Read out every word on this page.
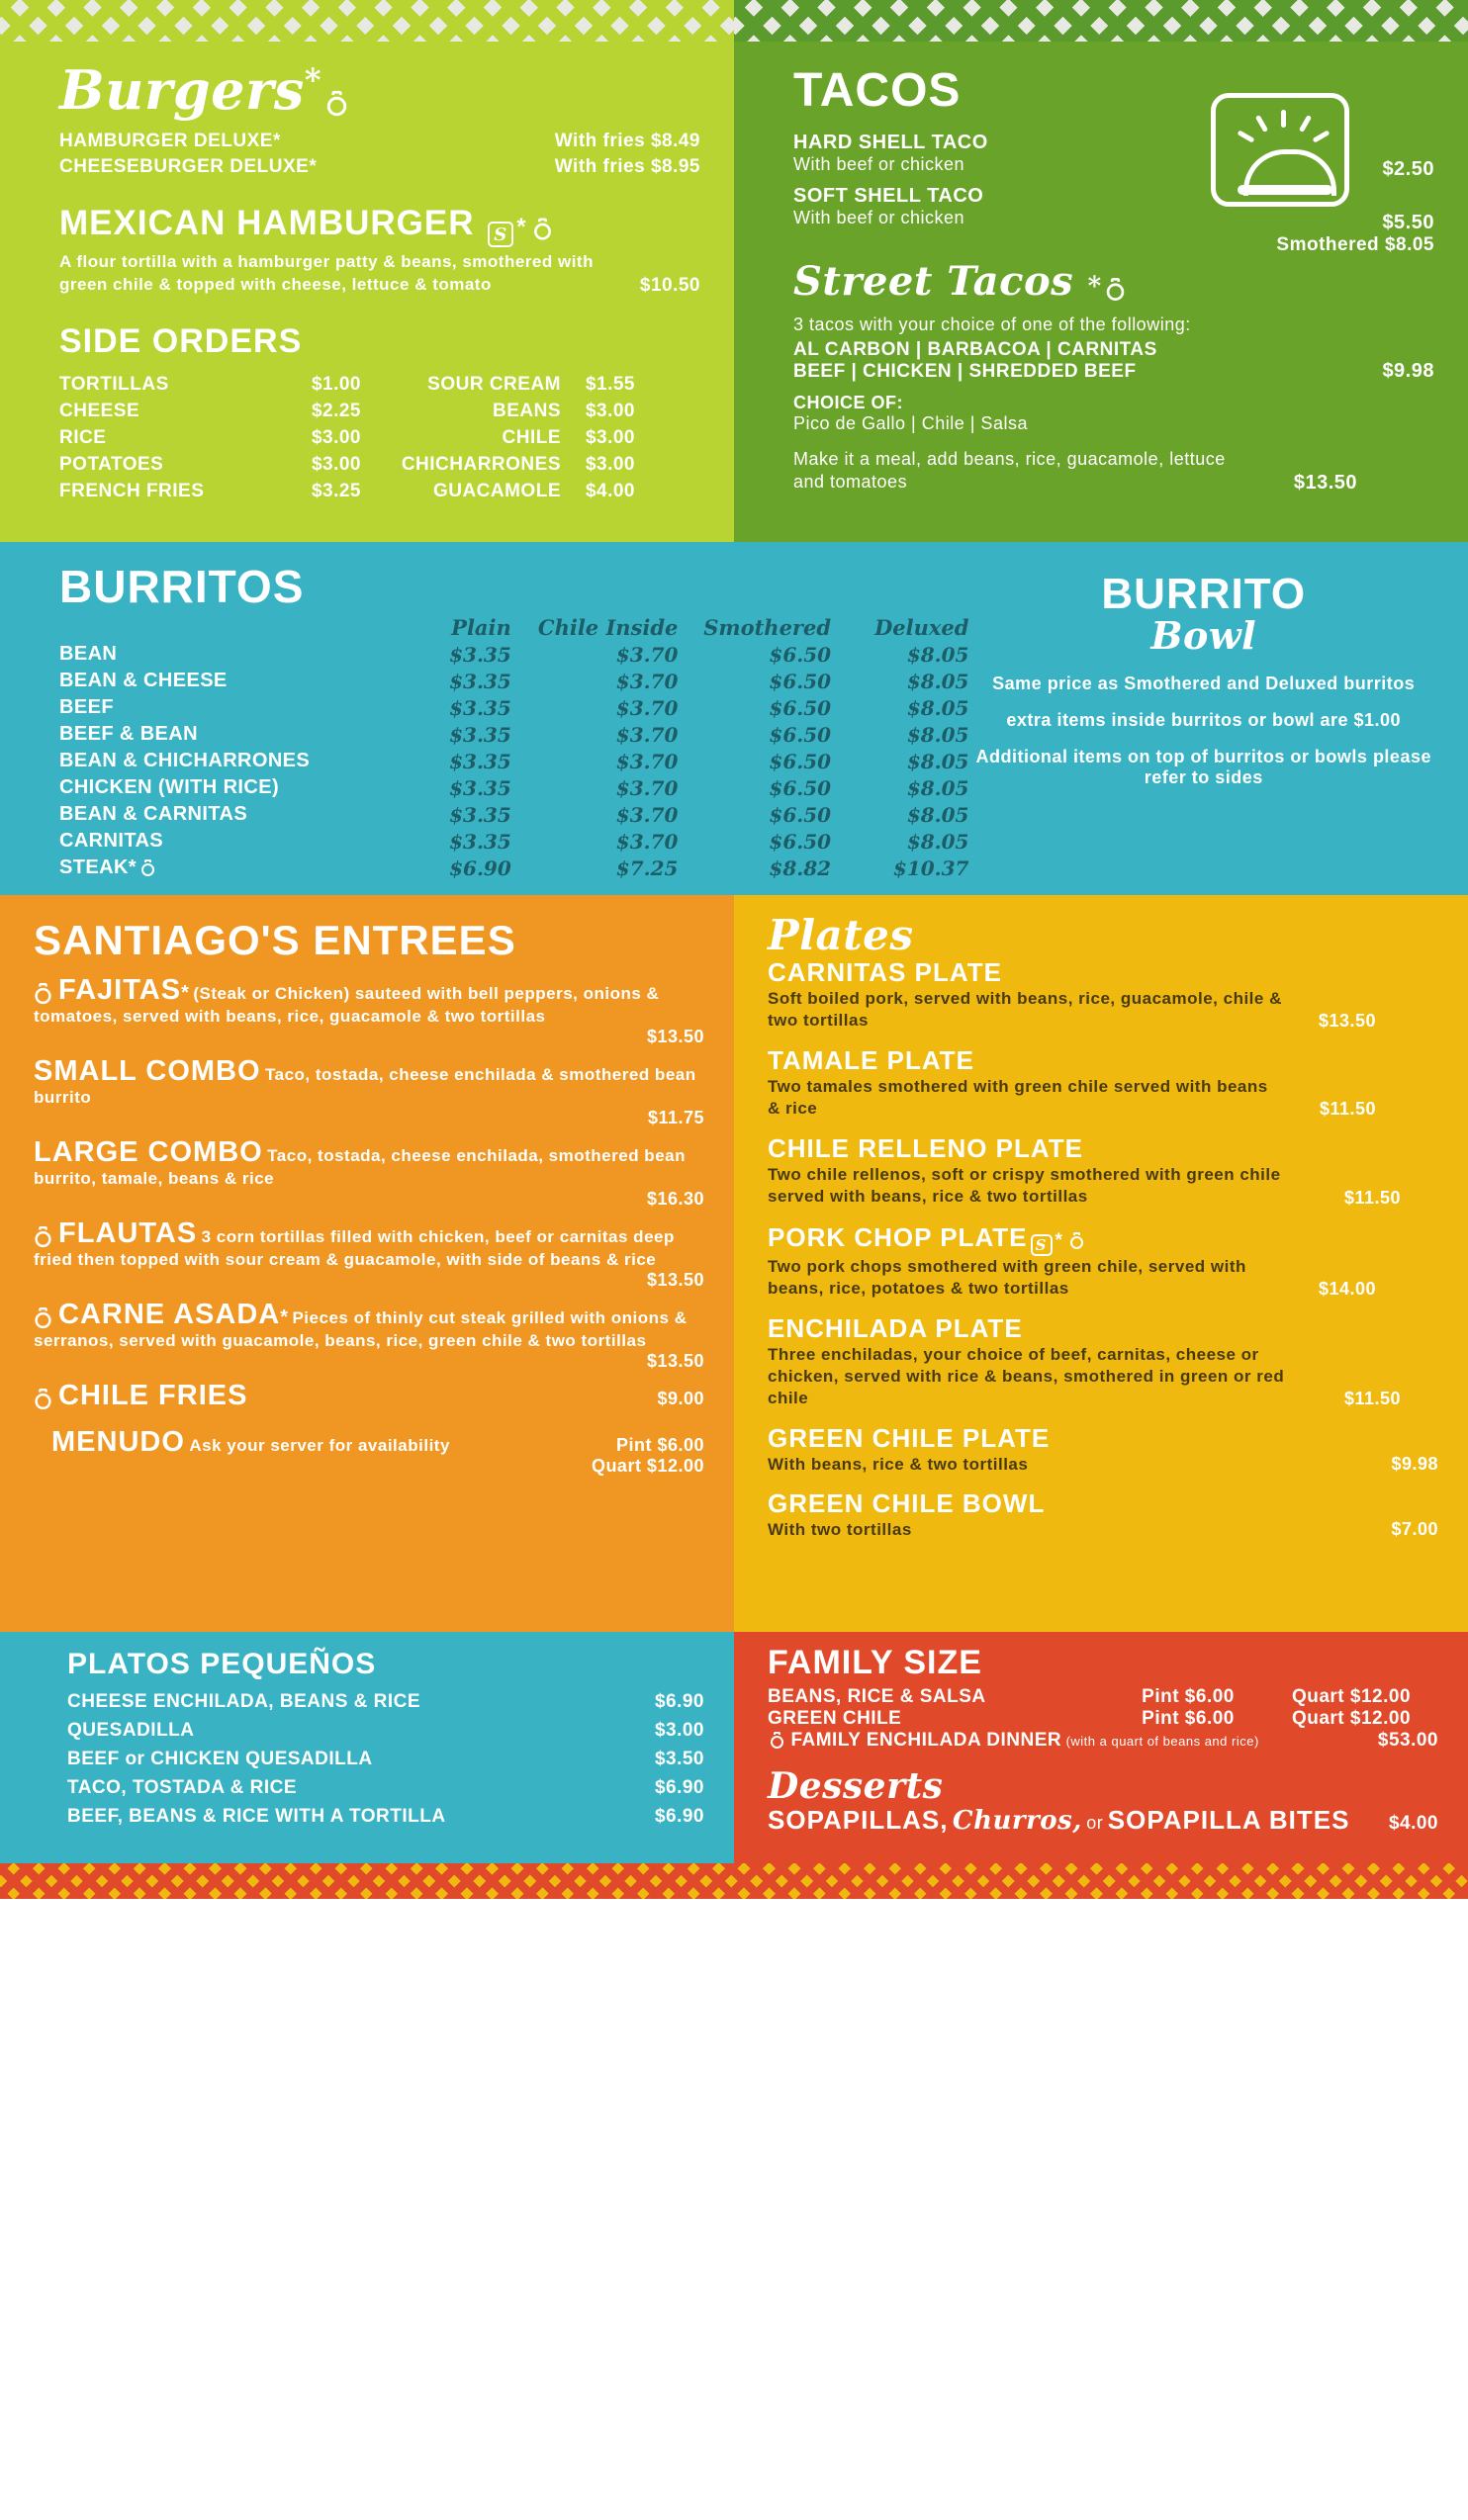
Burgers*
HAMBURGER DELUXE*	With fries $8.49
CHEESEBURGER DELUXE*	With fries $8.95
MEXICAN HAMBURGER S *
A flour tortilla with a hamburger patty & beans, smothered with green chile & topped with cheese, lettuce & tomato	$10.50
SIDE ORDERS
TORTILLAS	$1.00
CHEESE	$2.25
RICE	$3.00
POTATOES	$3.00
FRENCH FRIES	$3.25
SOUR CREAM	$1.55
BEANS	$3.00
CHILE	$3.00
CHICHARRONES	$3.00
GUACAMOLE	$4.00
TACOS
HARD SHELL TACO
With beef or chicken
SOFT SHELL TACO
With beef or chicken
$2.50
$5.50
Smothered $8.05
Street Tacos *
3 tacos with your choice of one of the following:
AL CARBON | BARBACOA | CARNITAS
BEEF | CHICKEN | SHREDDED BEEF	$9.98
CHOICE OF:
Pico de Gallo | Chile | Salsa
Make it a meal, add beans, rice, guacamole, lettuce and tomatoes	$13.50
BURRITOS
	Plain	Chile Inside	Smothered	Deluxed
BEAN	$3.35	$3.70	$6.50	$8.05
BEAN & CHEESE	$3.35	$3.70	$6.50	$8.05
BEEF	$3.35	$3.70	$6.50	$8.05
BEEF & BEAN	$3.35	$3.70	$6.50	$8.05
BEAN & CHICHARRONES	$3.35	$3.70	$6.50	$8.05
CHICKEN (WITH RICE)	$3.35	$3.70	$6.50	$8.05
BEAN & CARNITAS	$3.35	$3.70	$6.50	$8.05
CARNITAS	$3.35	$3.70	$6.50	$8.05
STEAK*	$6.90	$7.25	$8.82	$10.37
BURRITO
Bowl
Same price as Smothered and Deluxed burritos
extra items inside burritos or bowl are $1.00
Additional items on top of burritos or bowls please refer to sides
SANTIAGO'S ENTREES
FAJITAS* (Steak or Chicken) sauteed with bell peppers, onions & tomatoes, served with beans, rice, guacamole & two tortillas
$13.50
SMALL COMBO Taco, tostada, cheese enchilada & smothered bean burrito
$11.75
LARGE COMBO Taco, tostada, cheese enchilada, smothered bean burrito, tamale, beans & rice
$16.30
FLAUTAS 3 corn tortillas filled with chicken, beef or carnitas deep fried then topped with sour cream & guacamole, with side of beans & rice
$13.50
CARNE ASADA* Pieces of thinly cut steak grilled with onions & serranos, served with guacamole, beans, rice, green chile & two tortillas
$13.50
CHILE FRIES	$9.00
MENUDO Ask your server for availability	Pint $6.00
Quart $12.00
♪
Plates
CARNITAS PLATE
Soft boiled pork, served with beans, rice, guacamole, chile & two tortillas	$13.50
TAMALE PLATE
Two tamales smothered with green chile served with beans & rice	$11.50
CHILE RELLENO PLATE
Two chile rellenos, soft or crispy smothered with green chile served with beans, rice & two tortillas	$11.50
PORK CHOP PLATE S *
Two pork chops smothered with green chile, served with beans, rice, potatoes & two tortillas	$14.00
ENCHILADA PLATE
Three enchiladas, your choice of beef, carnitas, cheese or chicken, served with rice & beans, smothered in green or red chile	$11.50
GREEN CHILE PLATE
With beans, rice & two tortillas	$9.98
GREEN CHILE BOWL
With two tortillas	$7.00
PLATOS PEQUEÑOS
CHEESE ENCHILADA, BEANS & RICE	$6.90
QUESADILLA	$3.00
BEEF or CHICKEN QUESADILLA	$3.50
TACO, TOSTADA & RICE	$6.90
BEEF, BEANS & RICE WITH A TORTILLA	$6.90
FAMILY SIZE
BEANS, RICE & SALSA	Pint $6.00	Quart $12.00
GREEN CHILE	Pint $6.00	Quart $12.00
FAMILY ENCHILADA DINNER (with a quart of beans and rice)	$53.00
Desserts
SOPAPILLAS, Churros, or SOPAPILLA BITES	$4.00
